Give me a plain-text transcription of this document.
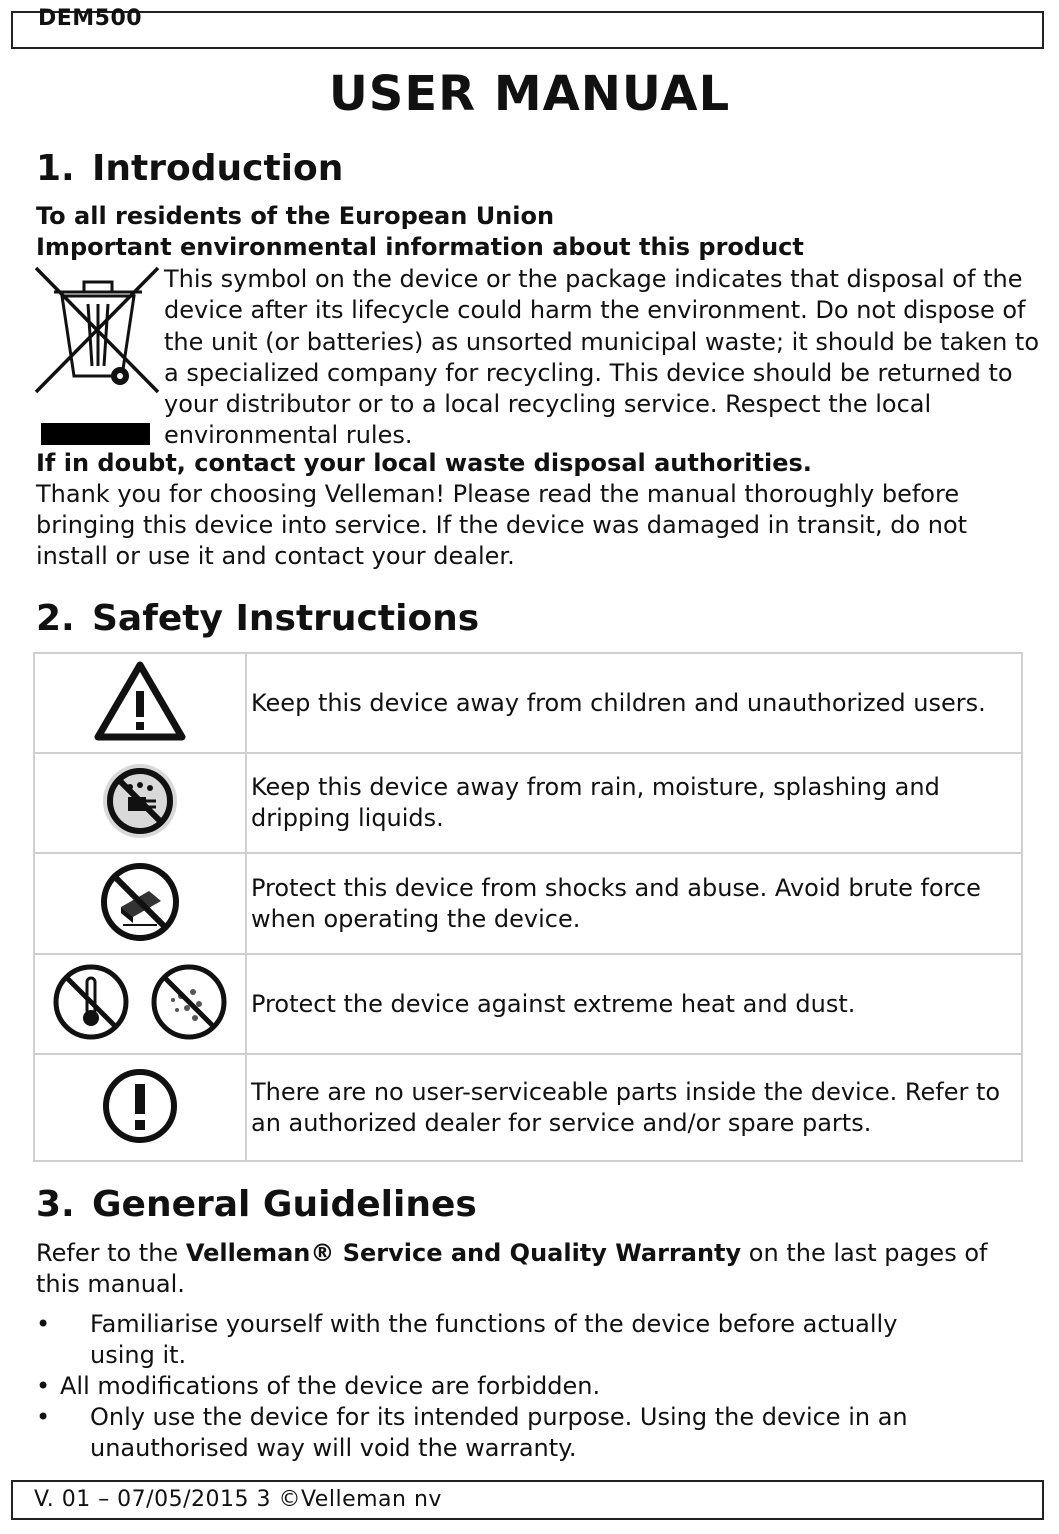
DEM500
USER MANUAL
1. Introduction
To all residents of the European Union
Important environmental information about this product
This symbol on the device or the package indicates that disposal of the device after its lifecycle could harm the environment. Do not dispose of the unit (or batteries) as unsorted municipal waste; it should be taken to a specialized company for recycling. This device should be returned to your distributor or to a local recycling service. Respect the local environmental rules.
If in doubt, contact your local waste disposal authorities.
Thank you for choosing Velleman! Please read the manual thoroughly before bringing this device into service. If the device was damaged in transit, do not install or use it and contact your dealer.
2. Safety Instructions

Keep this device away from children and unauthorized users.

Keep this device away from rain, moisture, splashing and dripping liquids.

Protect this device from shocks and abuse. Avoid brute force when operating the device.

Protect the device against extreme heat and dust.

There are no user-serviceable parts inside the device. Refer to an authorized dealer for service and/or spare parts.
3. General Guidelines
Refer to the Velleman® Service and Quality Warranty on the last pages of this manual.
•	Familiarise yourself with the functions of the device before actually using it.
• All modifications of the device are forbidden.
•	Only use the device for its intended purpose. Using the device in an unauthorised way will void the warranty.
V. 01 – 07/05/2015 3 ©Velleman nv
